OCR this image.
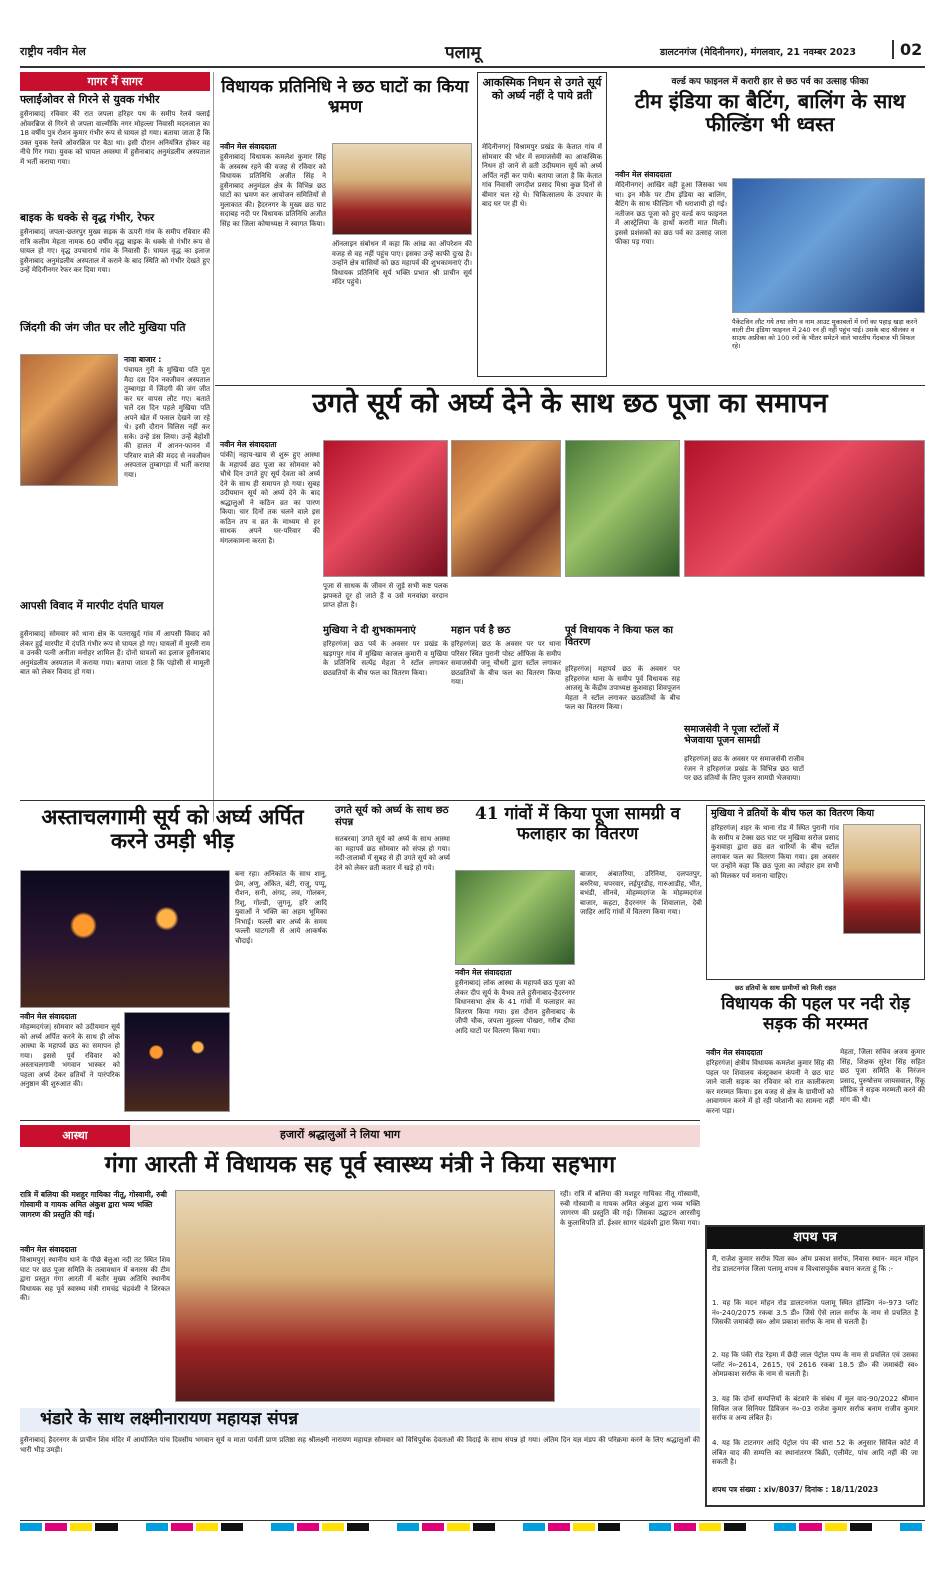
राष्ट्रीय नवीन मेल	पलामू	डालटनगंज (मेदिनीनगर), मंगलवार, 21 नवम्बर 2023	02
गागर में सागर
फ्लाईओवर से गिरने से युवक गंभीर
हुसैनाबाद| रविवार की रात जपला हरिहर पथ के समीप रेलवे फ्लाई ओवरब्रिज से गिरने से जपला वाल्मीकि नगर मोहल्ला निवासी मदनलाल का 18 वर्षीय पुत्र रोशन कुमार गंभीर रूप से घायल हो गया। बताया जाता है कि उक्त युवक रेलवे ओवरब्रिज पर बैठा था। इसी दौरान अनियंत्रित होकर वह नीचे गिर गया। युवक को घायल अवस्था में हुसैनाबाद अनुमंडलीय अस्पताल में भर्ती कराया गया।
बाइक के धक्के से वृद्ध गंभीर, रेफर
हुसैनाबाद| जपला-छतरपुर मुख्य सड़क के ऊपरी गांव के समीप रविवार की रात्रि कलीम मेहता नामक 60 वर्षीय वृद्ध बाइक के धक्के से गंभीर रूप से घायल हो गए। वृद्ध उपचारार्थ गांव के निवासी हैं। घायल वृद्ध का इलाज हुसैनाबाद अनुमंडलीय अस्पताल में कराने के बाद स्थिति को गंभीर देखते हुए उन्हें मेदिनीनगर रेफर कर दिया गया।
जिंदगी की जंग जीत घर लौटे मुखिया पति
नावा बाजार :
पंचायत गुरी के मुखिया पति पूरा मैदा दस दिन नवजीवन अस्पताल तुम्बागड़ा में जिंदगी की जंग जीत कर घर वापस लौट गए। बताते चलें दस दिन पहले मुखिया पति अपने खेत में फसल देखने जा रहे थे। इसी दौरान विलिस नहीं कर सके। उन्हें डंस लिया। उन्हें बेहोशी की हालत में आनन-फानन में परिवार वाले की मदद से नवजीवन अस्पताल तुम्बागड़ा में भर्ती कराया गया।
आपसी विवाद में मारपीट दंपति घायल
हुसैनाबाद| सोमवार को थाना क्षेत्र के पतराखुर्द गांव में आपसी विवाद को लेकर हुई मारपीट में दंपति गंभीर रूप से घायल हो गए। घायलों में मुरली राम व उनकी पत्नी अनीता मनोहर शामिल हैं। दोनों घायलों का इलाज हुसैनाबाद अनुमंडलीय अस्पताल में कराया गया। बताया जाता है कि पड़ोसी से मामूली बात को लेकर विवाद हो गया।
विधायक प्रतिनिधि ने छठ घाटों का किया भ्रमण
नवीन मेल संवाददाता
हुसैनाबाद| विधायक कमलेश कुमार सिंह के अस्वस्थ रहने की वजह से रविवार को विधायक प्रतिनिधि अजीत सिंह ने हुसैनाबाद अनुमंडल क्षेत्र के विभिन्न छठ घाटों का भ्रमण कर आयोजन समितियों से मुलाकात की। हैदरनगर के मुख्य छठ घाट सदाबह नदी पर विधायक प्रतिनिधि अजीत सिंह का जिला कोषाध्यक्ष ने स्वागत किया।
ऑनलाइन संबोधन में कहा कि आंख का ऑपरेशन की वजह से वह नहीं पहुंच पाए। इसका उन्हें काफी दुःख है। उन्होंने क्षेत्र वासियों को छठ महापर्व की शुभकामनाएं दी। विधायक प्रतिनिधि सूर्य भक्ति प्रभात श्री प्राचीन सूर्य मंदिर पहुंचे।
आकस्मिक निधन से उगते सूर्य को अर्घ्य नहीं दे पाये व्रती
मेदिनीनगर| विश्रामपुर प्रखंड के केतात गांव में सोमवार की भोर में समाजसेवी का आकस्मिक निधन हो जाने से व्रती उदीयमान सूर्य को अर्घ्य अर्पित नहीं कर पाये। बताया जाता है कि केतात गांव निवासी जगदीश प्रसाद मिश्रा कुछ दिनों से बीमार चल रहे थे। चिकित्सालय के उपचार के बाद घर पर ही थे।
वर्ल्ड कप फाइनल में करारी हार से छठ पर्व का उत्साह फीका
टीम इंडिया का बैटिंग, बालिंग के साथ फील्डिंग भी ध्वस्त
नवीन मेल संवाददाता
मेदिनीनगर| आखिर वही हुआ जिसका भय था। इन मौके पर टीम इंडिया का बालिंग, बैटिंग के साथ फील्डिंग भी धराशायी हो गई। नतीजन छठ पूजा को हुए वर्ल्ड कप फाइनल में आस्ट्रेलिया के हाथों करारी मात मिली। इससे प्रशंसकों का छठ पर्व का उत्साह जाता फीका पड़ गया।
पैकेटविन लौट गये तथा लोग व नाम आउट मुकाबलों में रनों का पहाड़ खड़ा करने वाली टीम इंडिया फाइनल में 240 रन ही नहीं पहुंच पाई। उसके बाद श्रीलंका व साउथ अफ्रीका को 100 रनों के भीतर समेटने वाले भारतीय गेंदबाज भी विफल रहे।
उगते सूर्य को अर्घ्य देने के साथ छठ पूजा का समापन
नवीन मेल संवाददाता
पांकी| नहाय-खाय से शुरू हुए आस्था के महापर्व छठ पूजा का सोमवार को चौथे दिन उगते हुए सूर्य देवता को अर्घ्य देने के साथ ही समापन हो गया। सुबह उदीयमान सूर्य को अर्घ्य देने के बाद श्रद्धालुओं ने कठिन व्रत का पारण किया। चार दिनों तक चलने वाले इस कठिन तप व व्रत के माध्यम से हर साधक अपने घर-परिवार की मंगलकामना करता है।
पूजा से साधक के जीवन से जुड़े सभी कष्ट पलक झपकते दूर हो जाते हैं व उसे मनवांछा वरदान प्राप्त होता है।
मुखिया ने दी शुभकामनाएं
हरिहरगंज| छठ पर्व के अवसर पर प्रखंड के खड़गपुर गांव में मुखिया काजल कुमारी व मुखिया के प्रतिनिधि सत्येंद्र मेहता ने स्टॉल लगाकर छठव्रतियों के बीच फल का वितरण किया।
महान पर्व है छठ
हरिहरगंज| छठ के अवसर पर पर थाना परिसर स्थित पुरानी पोस्ट ऑफिस के समीप समाजसेवी जनू चौधरी द्वारा स्टॉल लगाकर छठव्रतियों के बीच फल का वितरण किया गया।
पूर्व विधायक ने किया फल का वितरण
हरिहरगंज| महापर्व छठ के अवसर पर हरिहरगंज थाना के समीप पूर्व विधायक सह आजसू के केंद्रीय उपाध्यक्ष कुशवाहा शिवपूजन मेहता ने स्टॉल लगाकर छठव्रतियों के बीच फल का वितरण किया।
समाजसेवी ने पूजा स्टॉलों में भेजवाया पूजन सामग्री
हरिहरगंज| छठ के अवसर पर समाजसेवी राजीव रंजन ने हरिहरगंज प्रखंड के विभिन्न छठ घाटों पर छठ व्रतियों के लिए पूजन सामग्री भेजवाया।
अस्ताचलगामी सूर्य को अर्घ्य अर्पित करने उमड़ी भीड़
नवीन मेल संवाददाता
मोहम्मदगंज| सोमवार को उदीयमान सूर्य को अर्घ्य अर्पित करने के साथ ही लोक आस्था के महापर्व छठ का समापन हो गया। इससे पूर्व रविवार को अस्ताचलगामी भगवान भास्कर को पहला अर्घ्य देकर व्रतियों ने पारंपरिक अनुष्ठान की शुरुआत की।
बना रहा। अनिकांत के साथ शानु, प्रेम, अणु, अंकित, बंटी, राजू, पप्पू, रौशन, सनी, अंगद, लव, गोलबन, रिशु, गोल्डी, जुगनू, हरि आदि युवाओं ने भक्ति का अहम भूमिका निभाई। फल्ली बार अर्घ्य के समय फल्ली घाटगली से आये आकर्षक चौदाई।
उगते सूर्य को अर्घ्य के साथ छठ संपन्न
सतबरवा| उगते सूर्य को अर्घ्य के साथ आस्था का महापर्व छठ सोमवार को संपन्न हो गया। नदी-तालाबों में सुबह से ही उगते सूर्य को अर्घ्य देने को लेकर व्रती कतार में खड़े हो गये।
41 गांवों में किया पूजा सामग्री व फलाहार का वितरण
नवीन मेल संवाददाता
हुसैनाबाद| लोक आस्था के महापर्व छठ पूजा को लेकर दीप सूर्य के वैभव तले हुसैनाबाद-हैदरनगर विधानसभा क्षेत्र के 41 गांवों में फलाहार का वितरण किया गया। इस दौरान हुसैनाबाद के जीपी चौक, जपला मुहल्ला पोखरा, गरीब दीघा आदि घाटों पर वितरण किया गया।
बाजार, अंबातरिया, उरिनिया, दलपतपुर, बरुरिया, चपरवार, लईपुरडीह, गारुआडीह, भीत, बभंडी, सीनवे, मोहम्मदगंज के मोहम्मदगंज बाजार, कहटा, हैदरनगर के शिवालाल, देबी जाहिर आदि गांवों में वितरण किया गया।
मुखिया ने व्रतियों के बीच फल का वितरण किया
हरिहरगंज| शहर के थाना रोड में स्थित पुरानी गांव के समीप व टेक्स छठ घाट पर मुखिया सरोज प्रसाद कुशवाहा द्वारा छठ व्रत धारियों के बीच स्टॉल लगाकर फल का वितरण किया गया। इस अवसर पर उन्होंने कहा कि छठ पूजा का त्योहार हम सभी को मिलकर पर्व मनाना चाहिए।
छठ व्रतियों के साथ ग्रामीणों को मिली राहत
विधायक की पहल पर नदी रोड़ सड़क की मरम्मत
नवीन मेल संवाददाता
हरिहरगंज| क्षेत्रीय विधायक कमलेश कुमार सिंह की पहल पर शिवालय कंस्ट्रक्शन कंपनी ने छठ घाट जाने वाली सड़क का रविवार को रात कालीकरण कर मरम्मत किया। इस वजह से क्षेत्र के ग्रामीणों को आवागमन करने में हो रही परेशानी का सामना नहीं करना पड़ा।
मेहता, जिला सचिव अजय कुमार सिंह, शिक्षक सुरेश सिंह सहित छठ पूजा समिति के निरंजन प्रसाद, पुरुषोत्तम जायसवाल, रिंकू सौंडिक ने सड़क मरम्मती करने की मांग की थी।
आस्था	हजारों श्रद्धालुओं ने लिया भाग
गंगा आरती में विधायक सह पूर्व स्वास्थ्य मंत्री ने किया सहभाग
रात्रि में बलिया की मशहूर गायिका नीतू, गोस्वामी, रुबी गोस्वामी व गायक अमित अंकुश द्वारा भव्य भक्ति जागरण की प्रस्तुति की गई।
नवीन मेल संवाददाता
विश्रामपुर| स्थानीय थाने के पीछे बेलुआ नदी तट स्थित शिव घाट पर छठ पूजा समिति के तत्वावधान में बनारस की टीम द्वारा प्रस्तुत गंगा आरती में बतौर मुख्य अतिथि स्थानीय विधायक सह पूर्व स्वास्थ्य मंत्री रामचंद्र चंद्रवंशी ने शिरकत की।
रही। रात्रि में बलिया की मशहूर गायिका नीतू गोस्वामी, रुबी गोस्वामी व गायक अमित अंकुश द्वारा भव्य भक्ति जागरण की प्रस्तुति की गई। जिसका उद्घाटन आरसीयू के कुलाधिपति डॉ. ईश्वर सागर चंद्रवंशी द्वारा किया गया।
भंडारे के साथ लक्ष्मीनारायण महायज्ञ संपन्न
हुसैनाबाद| हैदरनगर के प्राचीन शिव मंदिर में आयोजित पांच दिवसीय भगवान सूर्य व माता पार्वती प्राण प्रतिष्ठा सह श्रीलक्ष्मी नारायण महायज्ञ सोमवार को विधिपूर्वक देवताओं की विदाई के साथ संपन्न हो गया। अंतिम दिन यज्ञ मंडप की परिक्रमा करने के लिए श्रद्धालुओं की भारी भीड़ उमड़ी।
शपथ पत्र
मैं, राजेश कुमार सर्राफ पिता स्व० ओम प्रकाश सर्राफ, निवास स्थान- मदन मोहन रोड डालटनगंज जिला पलामू शपथ व विश्वासपूर्वक बयान करता हूं कि :-
1. यह कि मदन मोहन रोड डालटनगंज पलामू स्थित होल्डिंग नं०-973 प्लॉट नं०-240/2075 रकबा 3.5 डी० जिसे ऐसे लाल सर्राफ के नाम से प्रचलित है जिसकी जमाबंदी स्व० ओम प्रकाश सर्राफ के नाम से चलती है।
2. यह कि पंकी रोड रेड़मा में छैदी लाल पेट्रोल पम्प के नाम से प्रचलित एवं उसका प्लॉट नं०-2614, 2615, एवं 2616 रकबा 18.5 डी० की जमाबंदी स्व० ओमप्रकाश सर्राफ के नाम से चलती है।
3. यह कि दोनों सम्पत्तियों के बंटवारे के संबंध में मूल वाद-90/2022 श्रीमान सिविल जज सिनियर डिविजन न०-03 राजेश कुमार सर्राफ बनाम राजीव कुमार सर्राफ व अन्य लंबित है।
4. यह कि टाटनगर आदि पेट्रोल पंप की धारा 52 के अनुसार सिविल कोर्ट में लंबित वाद की सम्पत्ति का स्थानांतरण बिक्री, एलीमेंट, पांच आदि नहीं की जा सकती है।
शपथ पत्र संख्या : xiv/8037/ दिनांक : 18/11/2023
